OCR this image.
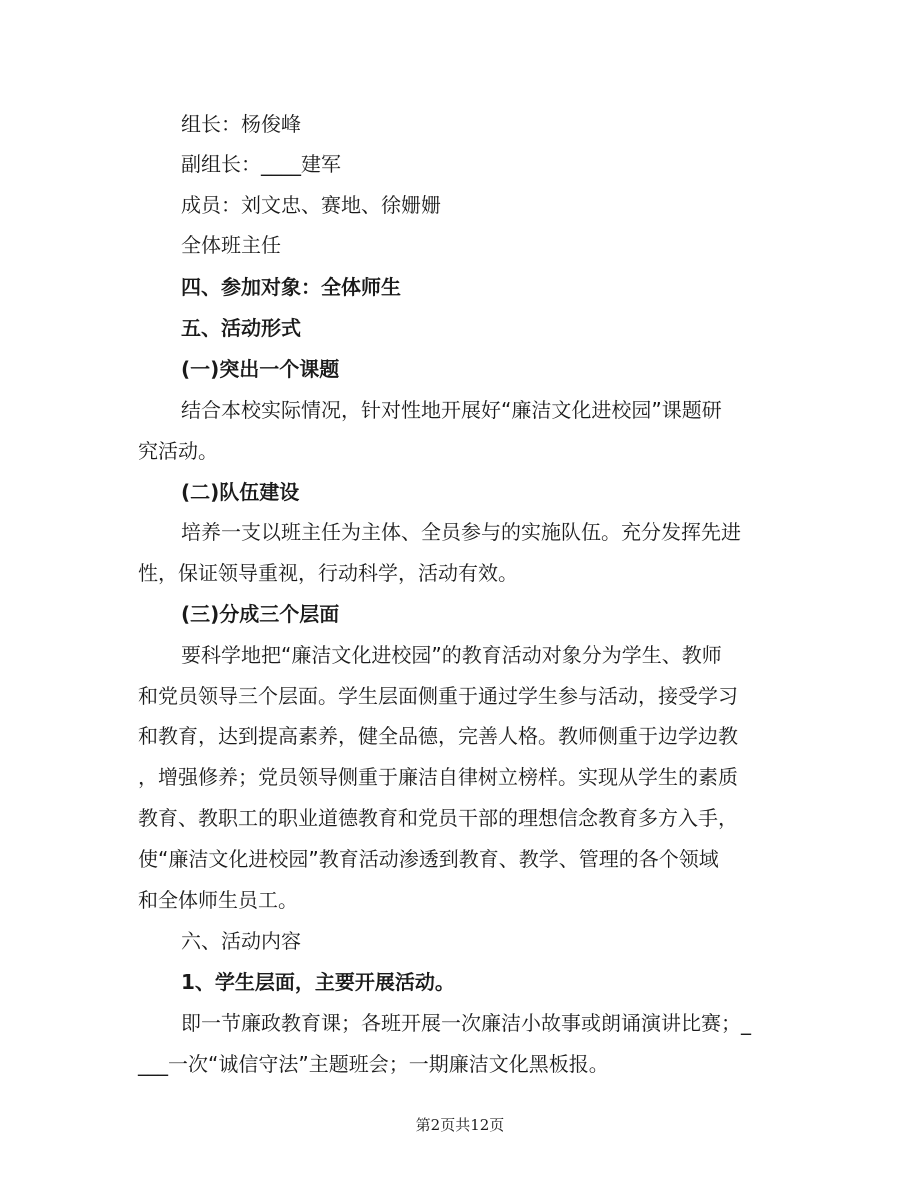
组长：杨俊峰

副组长：____建军

成员：刘文忠、赛地、徐姗姗

全体班主任

四、参加对象：全体师生

五、活动形式

(一)突出一个课题

结合本校实际情况，针对性地开展好“廉洁文化进校园”课题研

究活动。

(二)队伍建设

培养一支以班主任为主体、全员参与的实施队伍。充分发挥先进

性，保证领导重视，行动科学，活动有效。

(三)分成三个层面

要科学地把“廉洁文化进校园”的教育活动对象分为学生、教师

和党员领导三个层面。学生层面侧重于通过学生参与活动，接受学习

和教育，达到提高素养，健全品德，完善人格。教师侧重于边学边教

，增强修养；党员领导侧重于廉洁自律树立榜样。实现从学生的素质

教育、教职工的职业道德教育和党员干部的理想信念教育多方入手，

使“廉洁文化进校园”教育活动渗透到教育、教学、管理的各个领域

和全体师生员工。

六、活动内容

1、学生层面，主要开展活动。

即一节廉政教育课；各班开展一次廉洁小故事或朗诵演讲比赛；_

___一次“诚信守法”主题班会；一期廉洁文化黑板报。

第2页共12页
